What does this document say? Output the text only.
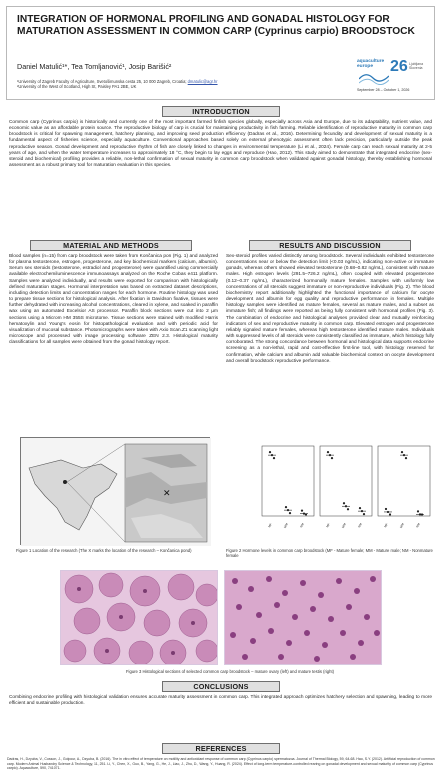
INTEGRATION OF HORMONAL PROFILING AND GONADAL HISTOLOGY FOR MATURATION ASSESSMENT IN COMMON CARP (Cyprinus carpio) BROODSTOCK
Daniel Matulić¹*, Tea Tomljanović¹, Josip Barišić²
¹University of Zagreb Faculty of Agriculture, Svetošimunska cesta 25, 10 000 Zagreb, Croatia; dmatulic@agr.hr
²University of the West of Scotland, High St, Paisley PA1 2BE, UK
aquaculture
europe	26 Ljubljana
Slovenia
September 28 – October 1, 2026
INTRODUCTION
Common carp (Cyprinus carpio) is historically and currently one of the most important farmed finfish species globally, especially across Asia and Europe, due to its adaptability, nutrient value, and economic value as an affordable protein source. The reproductive biology of carp is crucial for maintaining productivity in fish farming. Reliable identification of reproductive maturity in common carp broodstock is critical for spawning management, hatchery planning, and improving seed production efficiency (Dadras et al., 2016). Determining fecundity and development of sexual maturity is a fundamental aspect of fisheries science, especially aquaculture. Conventional approaches based solely on external phenotypic assessment often lack precision, particularly outside the peak reproductive season. Gonad development and reproductive rhythm of fish are closely linked to changes in environmental temperature (Li et al., 2024). Female carp can reach sexual maturity at 2-5 years of age, and when the water temperature increases to approximately 18 °C, they begin to lay eggs and reproduce (Hao, 2012). This study aimed to demonstrate that integrated endocrine (sex-steroid and biochemical) profiling provides a reliable, non-lethal confirmation of sexual maturity in common carp broodstock when validated against gonadal histology, thereby establishing hormonal assessment as a robust primary tool for maturation evaluation in this species.
MATERIAL AND METHODS
Blood samples (n=15) from carp broodstock were taken from Končanica pon (Fig. 1) and analyzed for plasma testosterone, estrogen, progesterone, and key biochemical markers (calcium, albumin). Serum sex steroids (testosterone, estradiol and progesterone) were quantified using commercially available electrochemiluminescence immunoassays analyzed on the Roche Cobas e411 platform. Samples were analyzed individually, and results were exported for comparison with histologically defined maturation stages. Hormonal interpretation was based on extracted dataset descriptions, including detection limits and concentration ranges for each hormone. Routine histology was used to prepare tissue sections for histological analysis. After fixation in Davidson fixative, tissues were further dehydrated with increasing alcohol concentrations, cleared in xylene, and soaked in paraffin wax using an automated Excelsior AS processor. Paraffin block sections were cut into 2 µm sections using a Microm HM 355S microtome. Tissue sections were stained with modified Harris hematoxylin and Young's eosin for histopathological evaluation and with periodic acid for visualization of mucosal substance. Photomicrographs were taken with Axio Scan.Z1 scanning light microscope and processed with image processing software ZEN 2.3. Histological maturity classifications for all samples were obtained from the gonad histology report.
RESULTS AND DISCUSSION
Sex-steroid profiles varied distinctly among broodstock. Several individuals exhibited testosterone concentrations near or below the detection limit (<0.03 ng/mL), indicating non-active or immature gonads, whereas others showed elevated testosterone (0.68–0.82 ng/mL), consistent with mature males. High estrogen levels (291.5–726.2 ng/mL), often coupled with elevated progesterone (0.12–0.37 ng/mL), characterized hormonally mature females. Samples with uniformly low concentrations of all steroids suggest immature or non-reproductive individuals (Fig. 2). The blood biochemistry report additionally highlighted the functional importance of calcium for oocyte development and albumin for egg quality and reproductive performance in females. Multiple histology samples were identified as mature females, several as mature males, and a subset as immature fish; all findings were reported as being fully consistent with hormonal profiles (Fig. 3). The combination of endocrine and histological analyses provided clear and mutually reinforcing indicators of sex and reproductive maturity in common carp. Elevated estrogen and progesterone reliably signaled mature females, whereas high testosterone identified mature males. Individuals with suppressed levels of all steroids were consistently classified as immature, which histology fully corroborated. The strong concordance between hormonal and histological data supports endocrine screening as a non-lethal, rapid and cost-effective first-line tool, with histology reserved for confirmation, while calcium and albumin add valuable biochemical context on oocyte development and overall broodstock reproductive performance.
✕
MF	MM	NM	MF	MM	NM	MF	MM	NM
Figure 1 Location of the research (The X marks the location of the research – Končanica pond)	Figure 2 Hormone levels in common carp broodstock (MF - Mature female; MM - Mature male; NM - Nonmature female
Figure 3 Histological sections of selected common carp broodstock – mature ovary (left) and mature testis (right)
CONCLUSIONS
Combining endocrine profiling with histological validation ensures accurate maturity assessment in common carp. This integrated approach optimizes hatchery selection and spawning, leading to more efficient and sustainable production.
REFERENCES
Dadras, H., Dzyuba, V., Cosson, J., Golpour, A., Dzyuba, B. (2016). The in vitro effect of temperature on motility and antioxidant response of common carp (Cyprinus carpio) spermatozoa. Journal of Thermal Biology, 59, 64-68. Hao, S.Y. (2012). Artificial reproduction of common carp. Modern Animal Husbandry Science & Technology, 11, 251. Li, Y., Chen, X., Guo, B., Yang, G., He, J., Liao, J., Zhu, D., Wang, Y., Huang, R. (2024). Effect of long-term temperature-controlled rearing on gonadal development and sexual maturity of common carp (Cyprinus carpio). Aquaculture, 590, 741071.
